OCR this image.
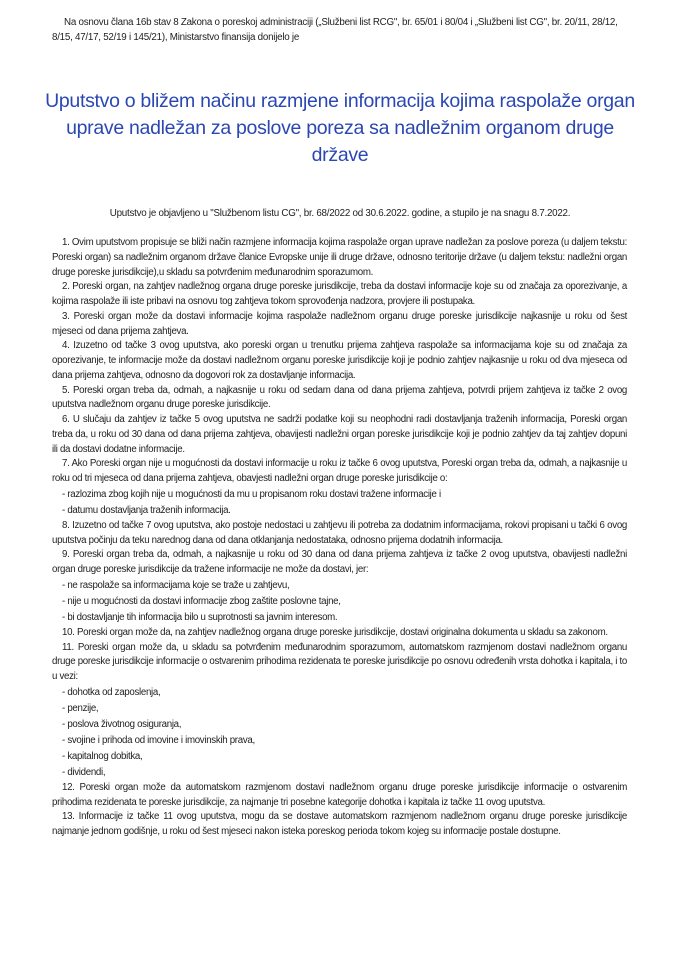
Na osnovu člana 16b stav 8 Zakona o poreskoj administraciji („Službeni list RCG", br. 65/01 i 80/04 i „Službeni list CG", br. 20/11, 28/12, 8/15, 47/17, 52/19 i 145/21), Ministarstvo finansija donijelo je

Uputstvo o bližem načinu razmjene informacija kojima raspolaže organ uprave nadležan za poslove poreza sa nadležnim organom druge države
Uputstvo je objavljeno u "Službenom listu CG", br. 68/2022 od 30.6.2022. godine, a stupilo je na snagu 8.7.2022.

1. Ovim uputstvom propisuje se bliži način razmjene informacija kojima raspolaže organ uprave nadležan za poslove poreza (u daljem tekstu: Poreski organ) sa nadležnim organom države članice Evropske unije ili druge države, odnosno teritorije države (u daljem tekstu: nadležni organ druge poreske jurisdikcije),u skladu sa potvrđenim međunarodnim sporazumom.

2. Poreski organ, na zahtjev nadležnog organa druge poreske jurisdikcije, treba da dostavi informacije koje su od značaja za oporezivanje, a kojima raspolaže ili iste pribavi na osnovu tog zahtjeva tokom sprovođenja nadzora, provjere ili postupaka.

3. Poreski organ može da dostavi informacije kojima raspolaže nadležnom organu druge poreske jurisdikcije najkasnije u roku od šest mjeseci od dana prijema zahtjeva.

4. Izuzetno od tačke 3 ovog uputstva, ako poreski organ u trenutku prijema zahtjeva raspolaže sa informacijama koje su od značaja za oporezivanje, te informacije može da dostavi nadležnom organu poreske jurisdikcije koji je podnio zahtjev najkasnije u roku od dva mjeseca od dana prijema zahtjeva, odnosno da dogovori rok za dostavljanje informacija.

5. Poreski organ treba da, odmah, a najkasnije u roku od sedam dana od dana prijema zahtjeva, potvrdi prijem zahtjeva iz tačke 2 ovog uputstva nadležnom organu druge poreske jurisdikcije.

6. U slučaju da zahtjev iz tačke 5 ovog uputstva ne sadrži podatke koji su neophodni radi dostavljanja traženih informacija, Poreski organ treba da, u roku od 30 dana od dana prijema zahtjeva, obavijesti nadležni organ poreske jurisdikcije koji je podnio zahtjev da taj zahtjev dopuni ili da dostavi dodatne informacije.

7. Ako Poreski organ nije u mogućnosti da dostavi informacije u roku iz tačke 6 ovog uputstva, Poreski organ treba da, odmah, a najkasnije u roku od tri mjeseca od dana prijema zahtjeva, obavjesti nadležni organ druge poreske jurisdikcije o:

- razlozima zbog kojih nije u mogućnosti da mu u propisanom roku dostavi tražene informacije i

- datumu dostavljanja traženih informacija.

8. Izuzetno od tačke 7 ovog uputstva, ako postoje nedostaci u zahtjevu ili potreba za dodatnim informacijama, rokovi propisani u tački 6 ovog uputstva počinju da teku narednog dana od dana otklanjanja nedostataka, odnosno prijema dodatnih informacija.

9. Poreski organ treba da, odmah, a najkasnije u roku od 30 dana od dana prijema zahtjeva iz tačke 2 ovog uputstva, obavijesti nadležni organ druge poreske jurisdikcije da tražene informacije ne može da dostavi, jer:

- ne raspolaže sa informacijama koje se traže u zahtjevu,

- nije u mogućnosti da dostavi informacije zbog zaštite poslovne tajne,

- bi dostavljanje tih informacija bilo u suprotnosti sa javnim interesom.

10. Poreski organ može da, na zahtjev nadležnog organa druge poreske jurisdikcije, dostavi originalna dokumenta u skladu sa zakonom.

11. Poreski organ može da, u skladu sa potvrđenim međunarodnim sporazumom, automatskom razmjenom dostavi nadležnom organu druge poreske jurisdikcije informacije o ostvarenim prihodima rezidenata te poreske jurisdikcije po osnovu određenih vrsta dohotka i kapitala, i to u vezi:

- dohotka od zaposlenja,

- penzije,

- poslova životnog osiguranja,

- svojine i prihoda od imovine i imovinskih prava,

- kapitalnog dobitka,

- dividendi,

12. Poreski organ može da automatskom razmjenom dostavi nadležnom organu druge poreske jurisdikcije informacije o ostvarenim prihodima rezidenata te poreske jurisdikcije, za najmanje tri posebne kategorije dohotka i kapitala iz tačke 11 ovog uputstva.

13. Informacije iz tačke 11 ovog uputstva, mogu da se dostave automatskom razmjenom nadležnom organu druge poreske jurisdikcije najmanje jednom godišnje, u roku od šest mjeseci nakon isteka poreskog perioda tokom kojeg su informacije postale dostupne.
